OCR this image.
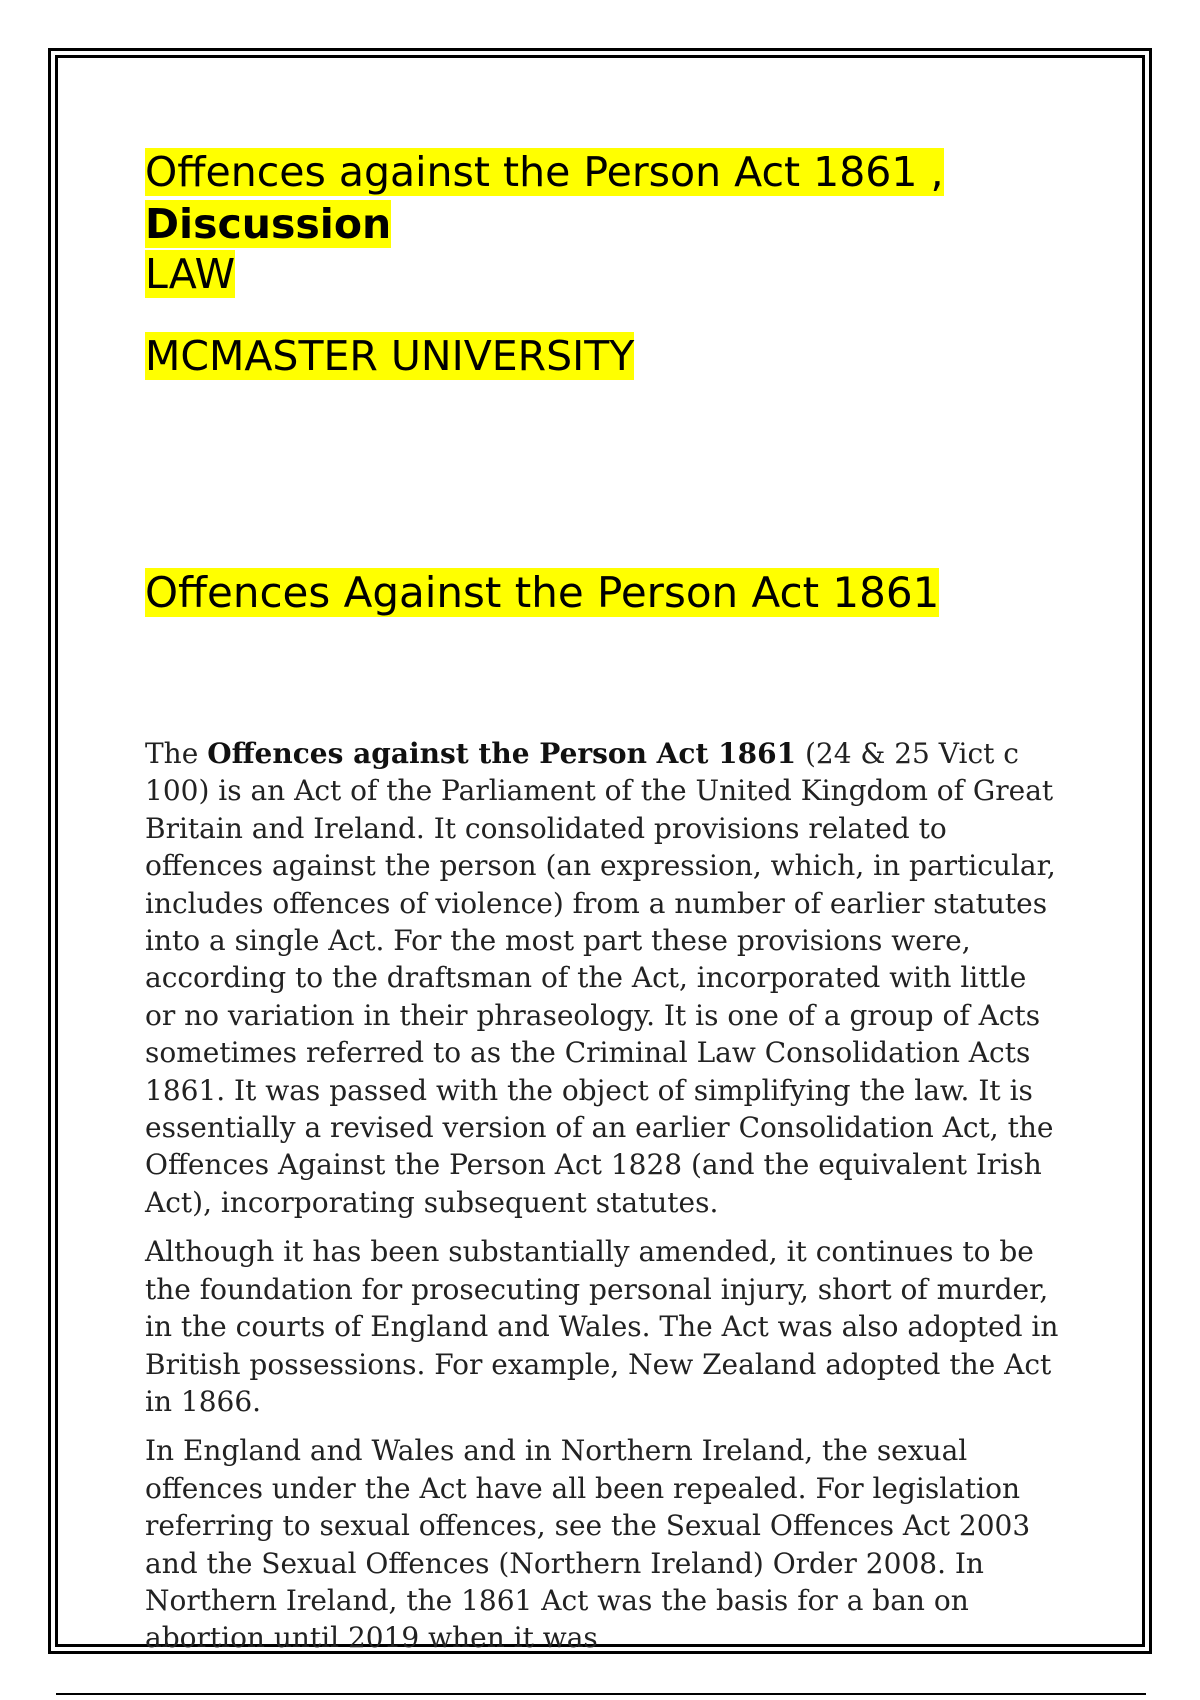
Offences against the Person Act 1861 ,
Discussion
LAW
MCMASTER UNIVERSITY
Offences Against the Person Act 1861

The Offences against the Person Act 1861 (24 & 25 Vict c 100) is an Act of the Parliament of the United Kingdom of Great Britain and Ireland. It consolidated provisions related to offences against the person (an expression, which, in particular, includes offences of violence) from a number of earlier statutes into a single Act. For the most part these provisions were, according to the draftsman of the Act, incorporated with little or no variation in their phraseology. It is one of a group of Acts sometimes referred to as the Criminal Law Consolidation Acts 1861. It was passed with the object of simplifying the law. It is essentially a revised version of an earlier Consolidation Act, the Offences Against the Person Act 1828 (and the equivalent Irish Act), incorporating subsequent statutes.

Although it has been substantially amended, it continues to be the foundation for prosecuting personal injury, short of murder, in the courts of England and Wales. The Act was also adopted in British possessions. For example, New Zealand adopted the Act in 1866.

In England and Wales and in Northern Ireland, the sexual offences under the Act have all been repealed. For legislation referring to sexual offences, see the Sexual Offences Act 2003 and the Sexual Offences (Northern Ireland) Order 2008. In Northern Ireland, the 1861 Act was the basis for a ban on abortion until 2019 when it was
